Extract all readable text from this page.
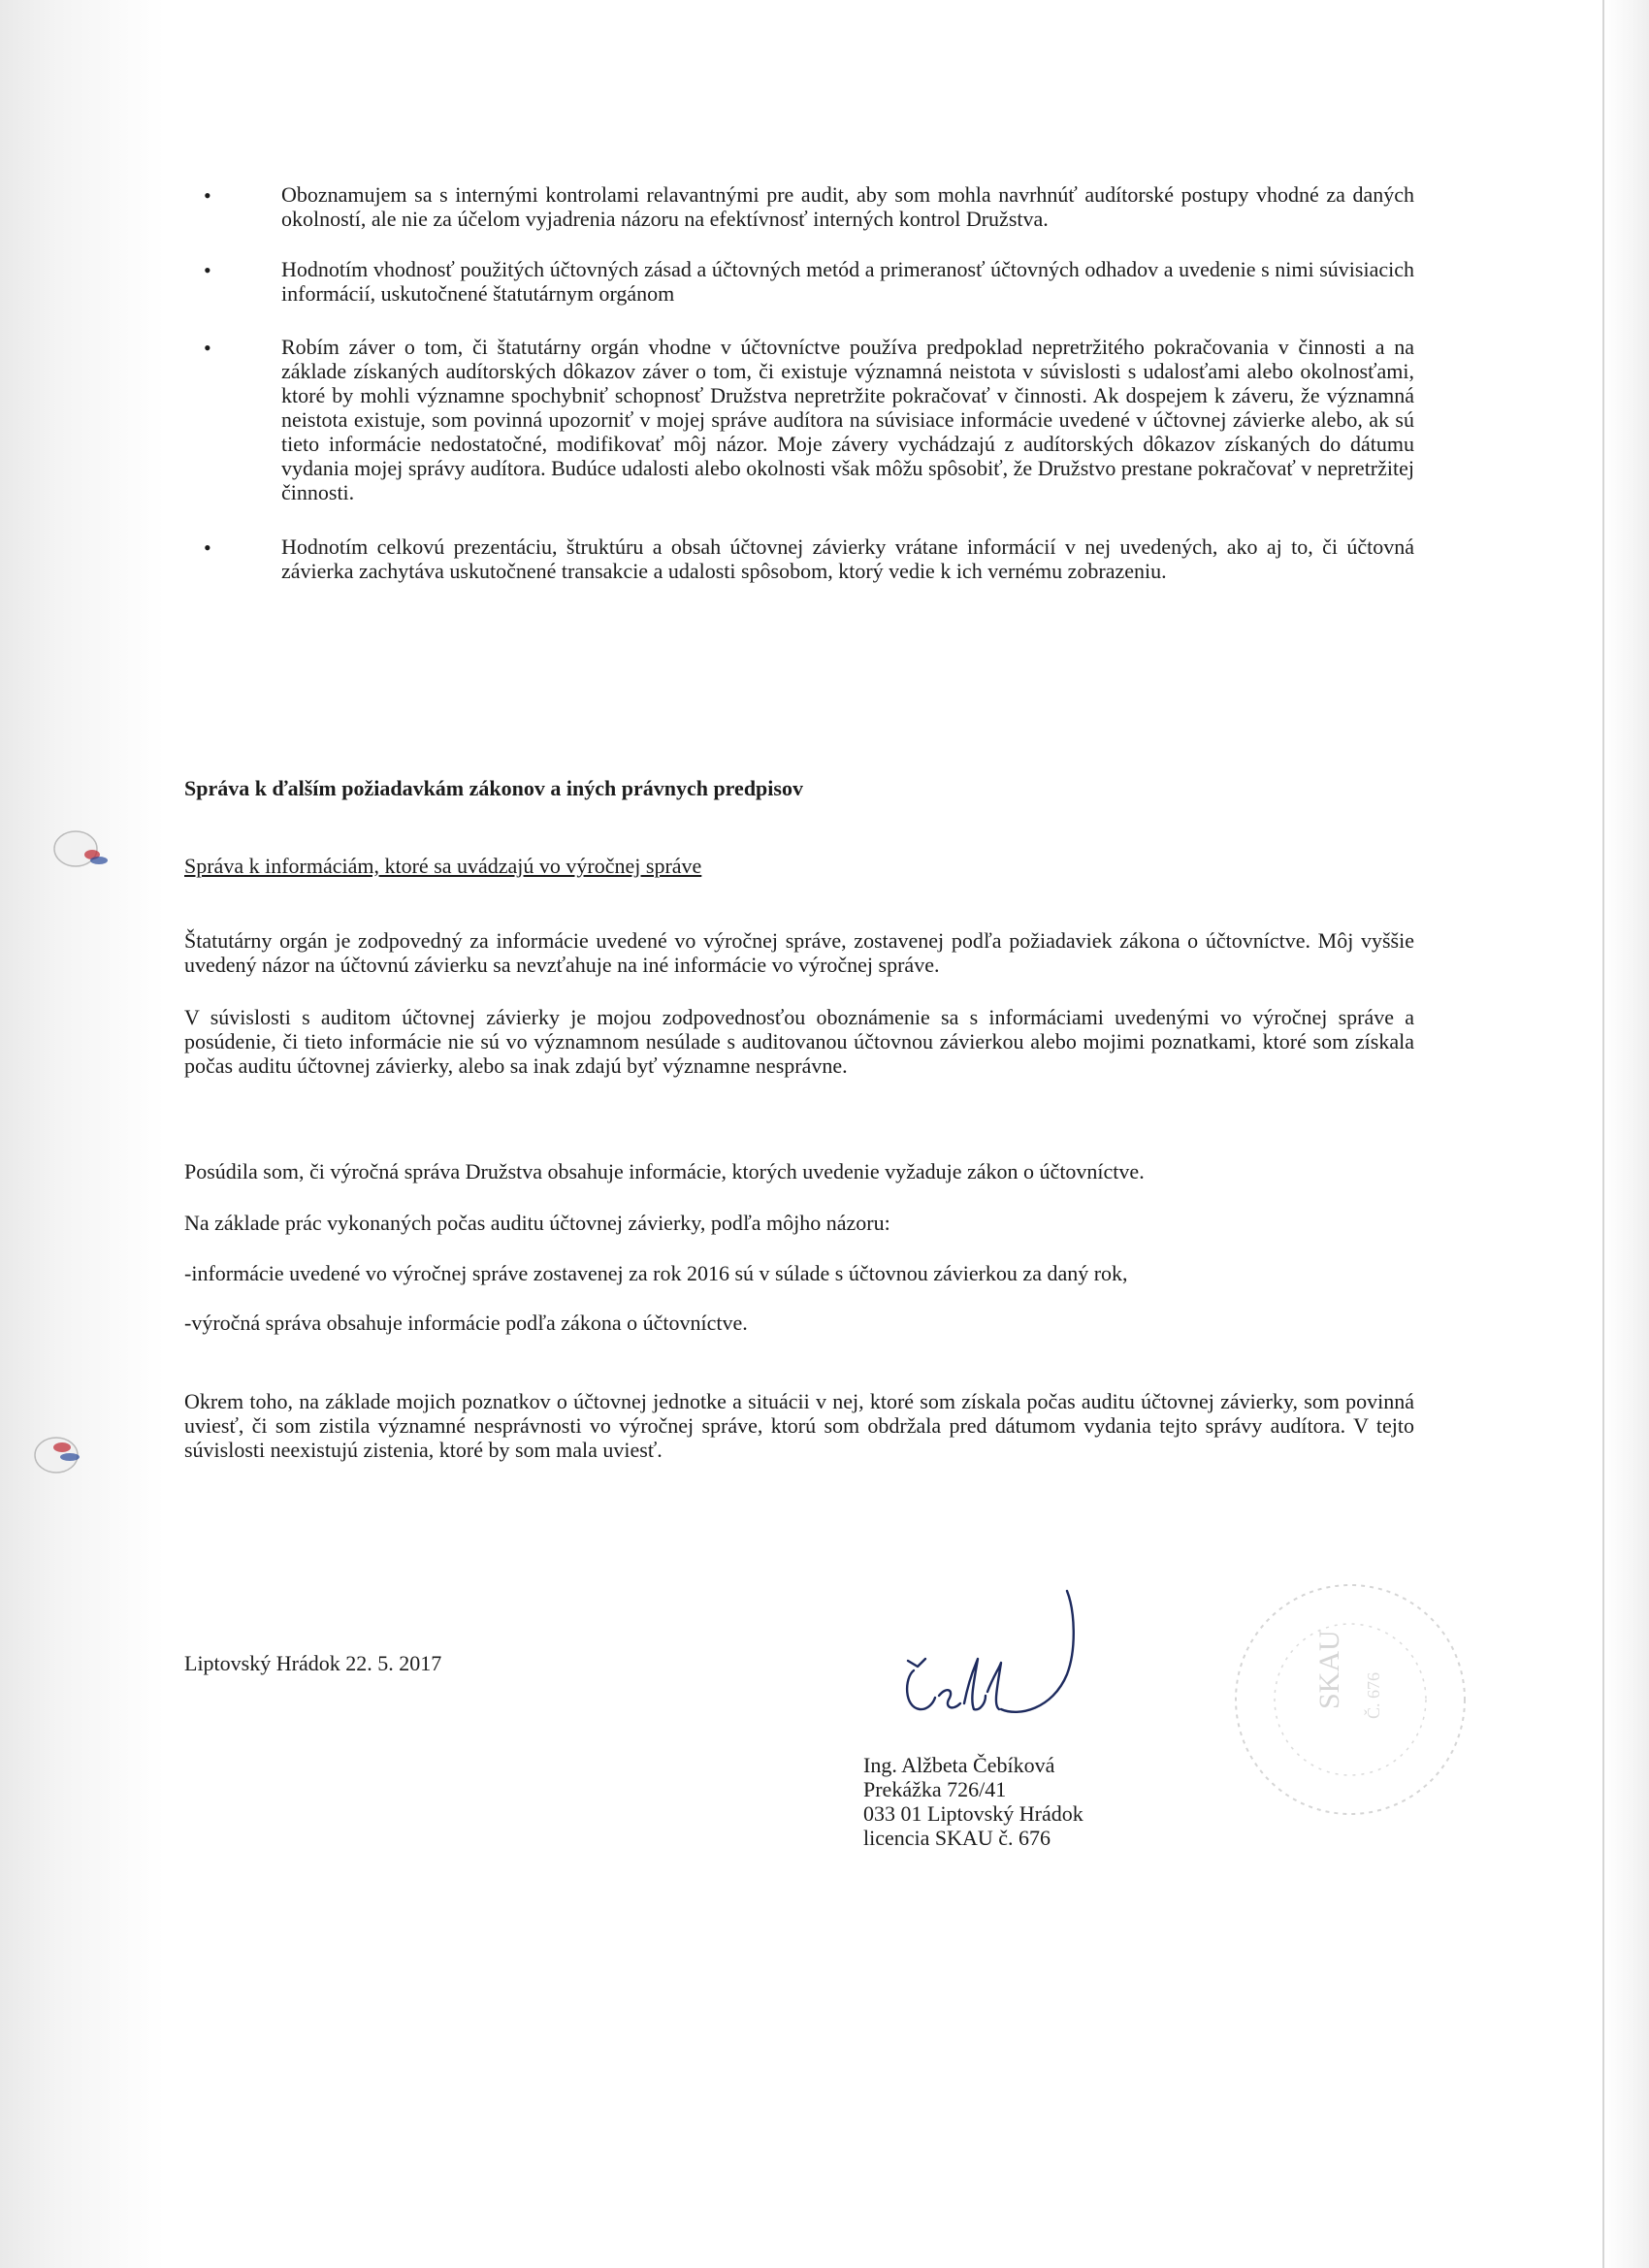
•	Oboznamujem sa s internými kontrolami relavantnými pre audit, aby som mohla navrhnúť audítorské postupy vhodné za daných okolností, ale nie za účelom vyjadrenia názoru na efektívnosť interných kontrol Družstva.
•	Hodnotím vhodnosť použitých účtovných zásad a účtovných metód a primeranosť účtovných odhadov a uvedenie s nimi súvisiacich informácií, uskutočnené štatutárnym orgánom
•	Robím záver o tom, či štatutárny orgán vhodne v účtovníctve používa predpoklad nepretržitého pokračovania v činnosti a na základe získaných audítorských dôkazov záver o tom, či existuje významná neistota v súvislosti s udalosťami alebo okolnosťami, ktoré by mohli významne spochybniť schopnosť Družstva nepretržite pokračovať v činnosti. Ak dospejem k záveru, že významná neistota existuje, som povinná upozorniť v mojej správe audítora na súvisiace informácie uvedené v účtovnej závierke alebo, ak sú tieto informácie nedostatočné, modifikovať môj názor. Moje závery vychádzajú z audítorských dôkazov získaných do dátumu vydania mojej správy audítora. Budúce udalosti alebo okolnosti však môžu spôsobiť, že Družstvo prestane pokračovať v nepretržitej činnosti.
•	Hodnotím celkovú prezentáciu, štruktúru a obsah účtovnej závierky vrátane informácií v nej uvedených, ako aj to, či účtovná závierka zachytáva uskutočnené transakcie a udalosti spôsobom, ktorý vedie k ich vernému zobrazeniu.

Správa k ďalším požiadavkám zákonov a iných právnych predpisov

Správa k informáciám, ktoré sa uvádzajú vo výročnej správe

Štatutárny orgán je zodpovedný za informácie uvedené vo výročnej správe, zostavenej podľa požiadaviek zákona o účtovníctve. Môj vyššie uvedený názor na účtovnú závierku sa nevzťahuje na iné informácie vo výročnej správe.

V súvislosti s auditom účtovnej závierky je mojou zodpovednosťou oboznámenie sa s informáciami uvedenými vo výročnej správe a posúdenie, či tieto informácie nie sú vo významnom nesúlade s auditovanou účtovnou závierkou alebo mojimi poznatkami, ktoré som získala počas auditu účtovnej závierky, alebo sa inak zdajú byť významne nesprávne.

Posúdila som, či výročná správa Družstva obsahuje informácie, ktorých uvedenie vyžaduje zákon o účtovníctve.

Na základe prác vykonaných počas auditu účtovnej závierky, podľa môjho názoru:

-informácie uvedené vo výročnej správe zostavenej za rok 2016 sú v súlade s účtovnou závierkou za daný rok,

-výročná správa obsahuje informácie podľa zákona o účtovníctve.

Okrem toho, na základe mojich poznatkov o účtovnej jednotke a situácii v nej, ktoré som získala počas auditu účtovnej závierky, som povinná uviesť, či som zistila významné nesprávnosti vo výročnej správe, ktorú som obdržala pred dátumom vydania tejto správy audítora. V tejto súvislosti neexistujú zistenia, ktoré by som mala uviesť.

Liptovský Hrádok 22. 5. 2017

Ing. Alžbeta Čebíková
Prekážka 726/41
033 01 Liptovský Hrádok
licencia SKAU č. 676
SKAU Č. 676
